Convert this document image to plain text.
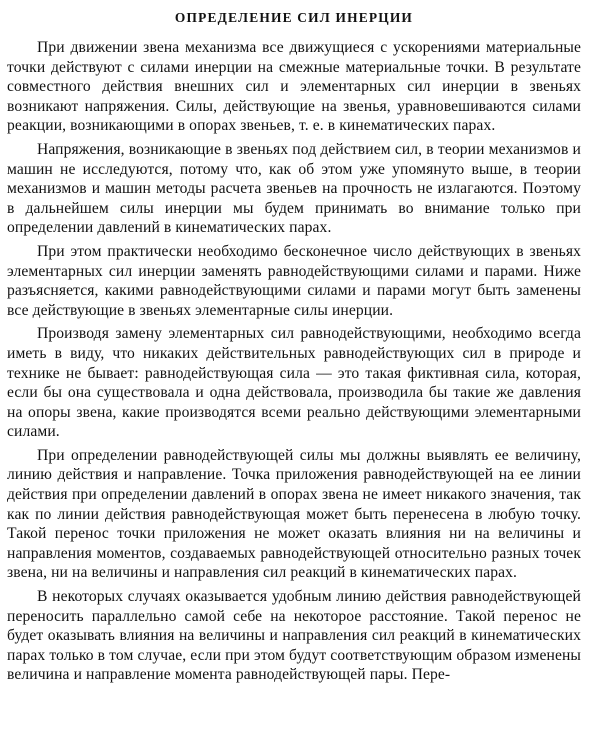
ОПРЕДЕЛЕНИЕ СИЛ ИНЕРЦИИ

При движении звена механизма все движущиеся с ускорениями материальные точки действуют с силами инерции на смежные материальные точки. В результате совместного действия внешних сил и элементарных сил инерции в звеньях возникают напряжения. Силы, действующие на звенья, уравновешиваются силами реакции, возникающими в опорах звеньев, т. е. в кинематических парах.

Напряжения, возникающие в звеньях под действием сил, в теории механизмов и машин не исследуются, потому что, как об этом уже упомянуто выше, в теории механизмов и машин методы расчета звеньев на прочность не излагаются. Поэтому в дальнейшем силы инерции мы будем принимать во внимание только при определении давлений в кинематических парах.

При этом практически необходимо бесконечное число действующих в звеньях элементарных сил инерции заменять равнодействующими силами и парами. Ниже разъясняется, какими равнодействующими силами и парами могут быть заменены все действующие в звеньях элементарные силы инерции.

Производя замену элементарных сил равнодействующими, необходимо всегда иметь в виду, что никаких действительных равнодействующих сил в природе и технике не бывает: равнодействующая сила — это такая фиктивная сила, которая, если бы она существовала и одна действовала, производила бы такие же давления на опоры звена, какие производятся всеми реально действующими элементарными силами.

При определении равнодействующей силы мы должны выявлять ее величину, линию действия и направление. Точка приложения равнодействующей на ее линии действия при определении давлений в опорах звена не имеет никакого значения, так как по линии действия равнодействующая может быть перенесена в любую точку. Такой перенос точки приложения не может оказать влияния ни на величины и направления моментов, создаваемых равнодействующей относительно разных точек звена, ни на величины и направления сил реакций в кинематических парах.

В некоторых случаях оказывается удобным линию действия равнодействующей переносить параллельно самой себе на некоторое расстояние. Такой перенос не будет оказывать влияния на величины и направления сил реакций в кинематических парах только в том случае, если при этом будут соответствующим образом изменены величина и направление момента равнодействующей пары. Пере-
